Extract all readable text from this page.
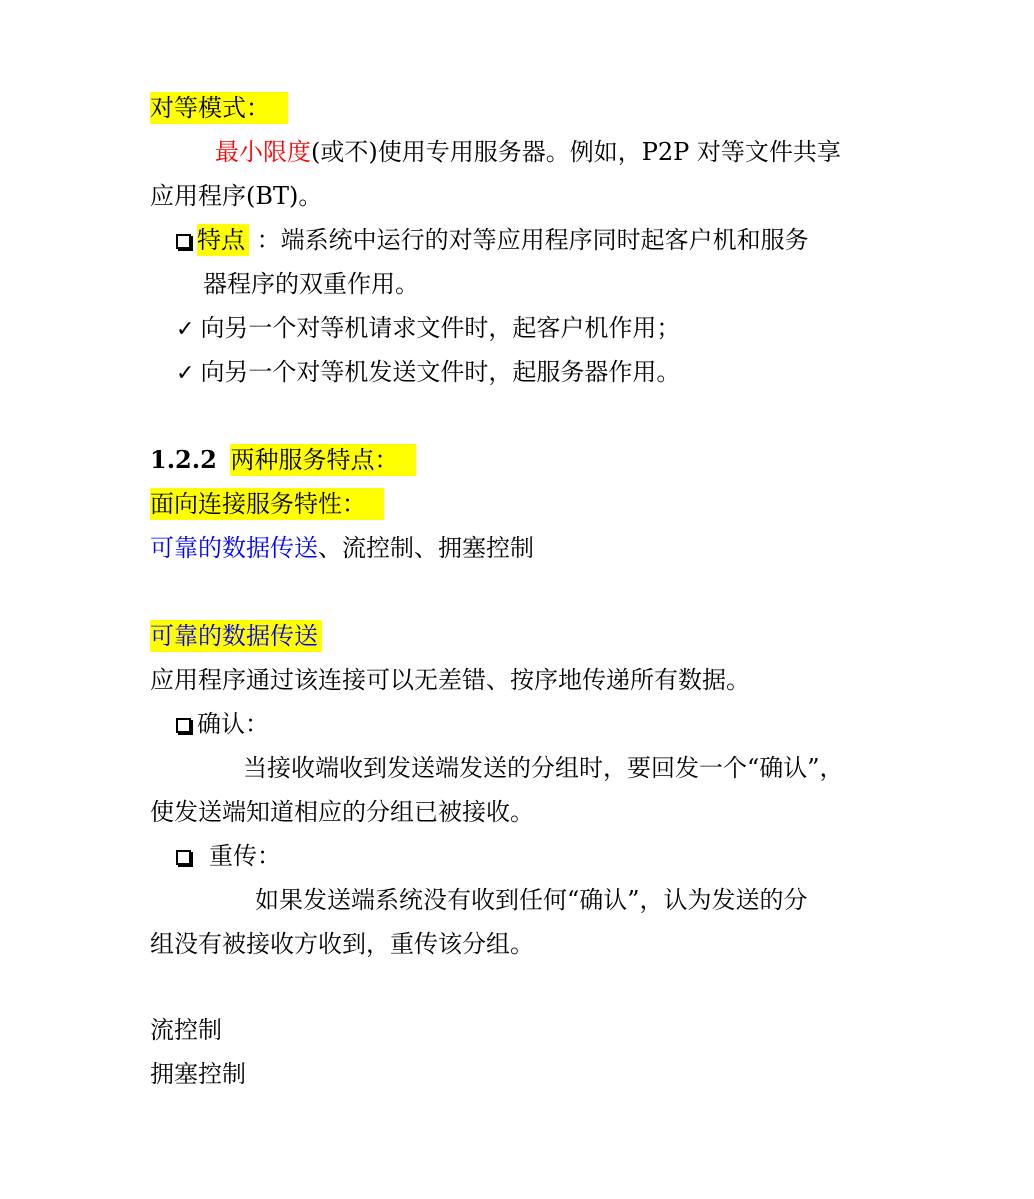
对等模式：
最小限度(或不)使用专用服务器。例如，P2P 对等文件共享
应用程序(BT)。
特点 ：端系统中运行的对等应用程序同时起客户机和服务
器程序的双重作用。
✓ 向另一个对等机请求文件时，起客户机作用；
✓ 向另一个对等机发送文件时，起服务器作用。
1.2.2 两种服务特点：
面向连接服务特性：
可靠的数据传送、流控制、拥塞控制
可靠的数据传送
应用程序通过该连接可以无差错、按序地传递所有数据。
确认：
当接收端收到发送端发送的分组时，要回发一个“确认”，
使发送端知道相应的分组已被接收。
重传：
如果发送端系统没有收到任何“确认”，认为发送的分
组没有被接收方收到，重传该分组。
流控制
拥塞控制
